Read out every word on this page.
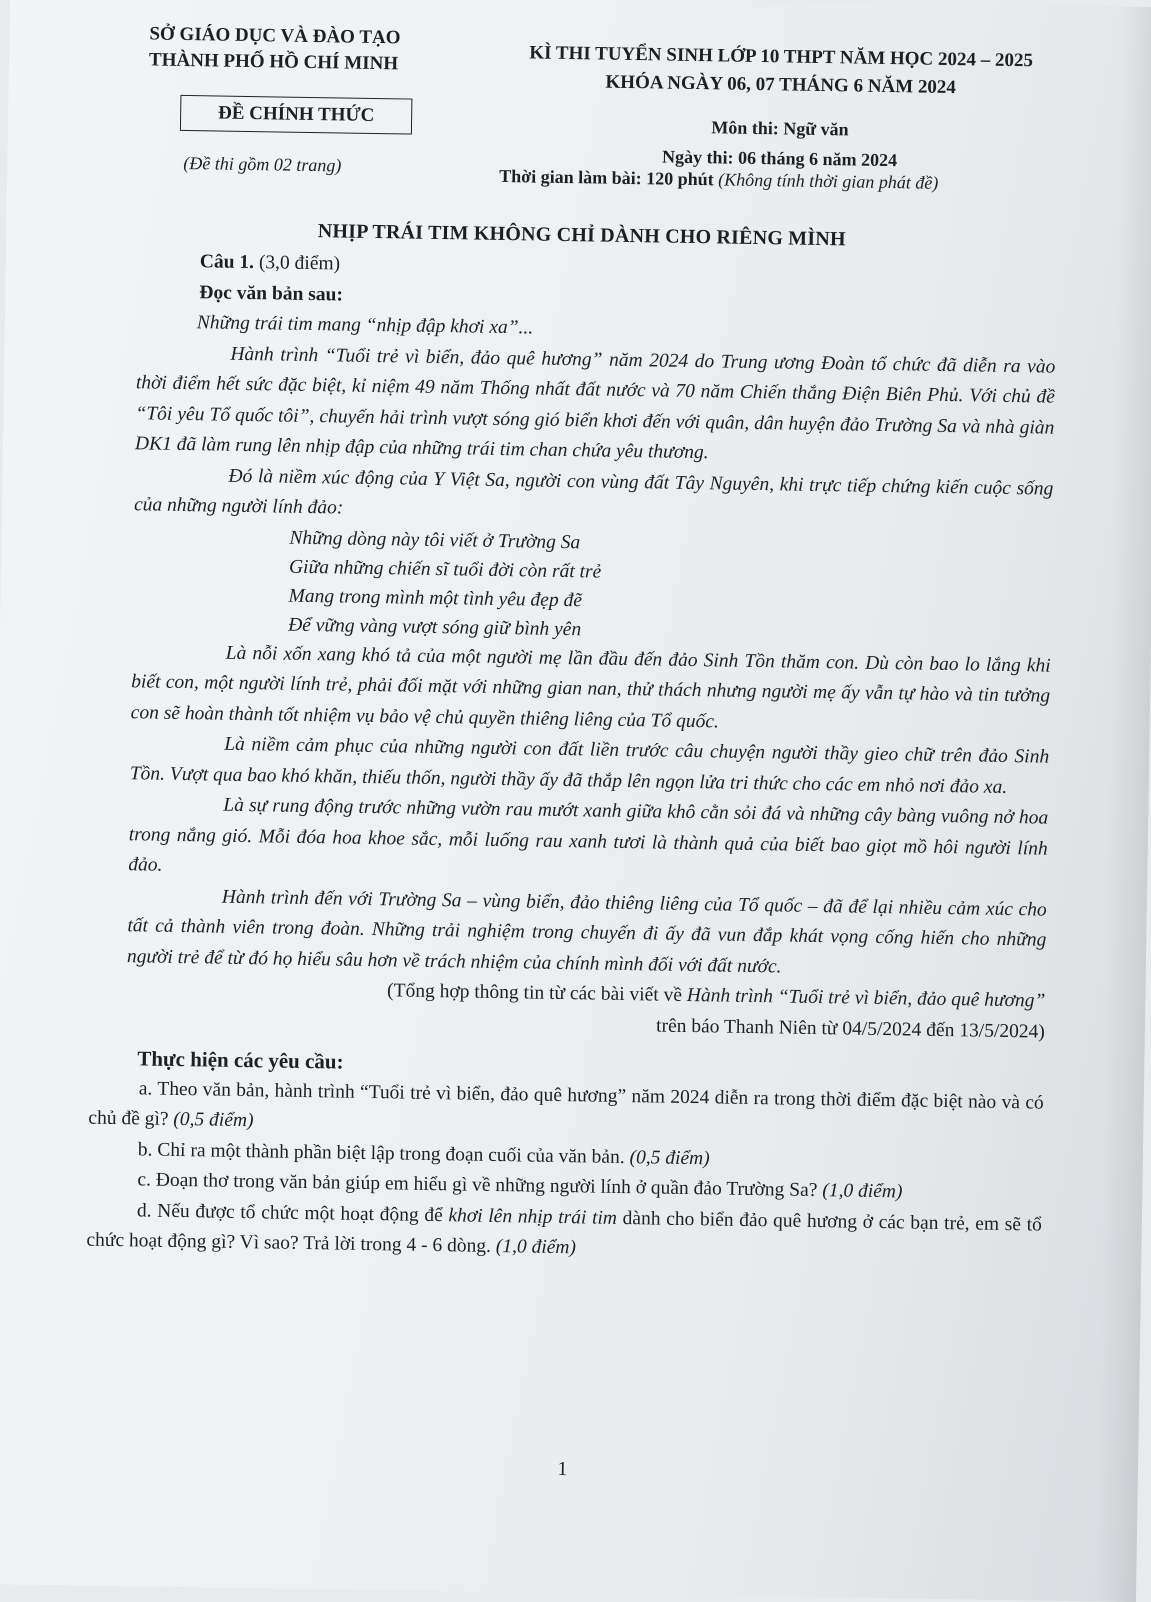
SỞ GIÁO DỤC VÀ ĐÀO TẠO
THÀNH PHỐ HỒ CHÍ MINH	KÌ THI TUYỂN SINH LỚP 10 THPT NĂM HỌC 2024 – 2025
KHÓA NGÀY 06, 07 THÁNG 6 NĂM 2024
ĐỀ CHÍNH THỨC
Môn thi: Ngữ văn
Ngày thi: 06 tháng 6 năm 2024
(Đề thi gồm 02 trang)
Thời gian làm bài: 120 phút (Không tính thời gian phát đề)
NHỊP TRÁI TIM KHÔNG CHỈ DÀNH CHO RIÊNG MÌNH

Câu 1. (3,0 điểm)

Đọc văn bản sau:

Những trái tim mang “nhịp đập khơi xa”...

Hành trình “Tuổi trẻ vì biển, đảo quê hương” năm 2024 do Trung ương Đoàn tổ chức đã diễn ra vào thời điểm hết sức đặc biệt, kỉ niệm 49 năm Thống nhất đất nước và 70 năm Chiến thắng Điện Biên Phủ. Với chủ đề “Tôi yêu Tổ quốc tôi”, chuyến hải trình vượt sóng gió biển khơi đến với quân, dân huyện đảo Trường Sa và nhà giàn DK1 đã làm rung lên nhịp đập của những trái tim chan chứa yêu thương.

Đó là niềm xúc động của Y Việt Sa, người con vùng đất Tây Nguyên, khi trực tiếp chứng kiến cuộc sống của những người lính đảo:

Những dòng này tôi viết ở Trường Sa

Giữa những chiến sĩ tuổi đời còn rất trẻ

Mang trong mình một tình yêu đẹp đẽ

Để vững vàng vượt sóng giữ bình yên

Là nỗi xốn xang khó tả của một người mẹ lần đầu đến đảo Sinh Tồn thăm con. Dù còn bao lo lắng khi biết con, một người lính trẻ, phải đối mặt với những gian nan, thử thách nhưng người mẹ ấy vẫn tự hào và tin tưởng con sẽ hoàn thành tốt nhiệm vụ bảo vệ chủ quyền thiêng liêng của Tổ quốc.

Là niềm cảm phục của những người con đất liền trước câu chuyện người thầy gieo chữ trên đảo Sinh Tồn. Vượt qua bao khó khăn, thiếu thốn, người thầy ấy đã thắp lên ngọn lửa tri thức cho các em nhỏ nơi đảo xa.

Là sự rung động trước những vườn rau mướt xanh giữa khô cằn sỏi đá và những cây bàng vuông nở hoa trong nắng gió. Mỗi đóa hoa khoe sắc, mỗi luống rau xanh tươi là thành quả của biết bao giọt mồ hôi người lính đảo.

Hành trình đến với Trường Sa – vùng biển, đảo thiêng liêng của Tổ quốc – đã để lại nhiều cảm xúc cho tất cả thành viên trong đoàn. Những trải nghiệm trong chuyến đi ấy đã vun đắp khát vọng cống hiến cho những người trẻ để từ đó họ hiểu sâu hơn về trách nhiệm của chính mình đối với đất nước.

(Tổng hợp thông tin từ các bài viết về Hành trình “Tuổi trẻ vì biển, đảo quê hương”

trên báo Thanh Niên từ 04/5/2024 đến 13/5/2024)

Thực hiện các yêu cầu:

a. Theo văn bản, hành trình “Tuổi trẻ vì biển, đảo quê hương” năm 2024 diễn ra trong thời điểm đặc biệt nào và có chủ đề gì? (0,5 điểm)

b. Chỉ ra một thành phần biệt lập trong đoạn cuối của văn bản. (0,5 điểm)

c. Đoạn thơ trong văn bản giúp em hiểu gì về những người lính ở quần đảo Trường Sa? (1,0 điểm)

d. Nếu được tổ chức một hoạt động để khơi lên nhịp trái tim dành cho biển đảo quê hương ở các bạn trẻ, em sẽ tổ chức hoạt động gì? Vì sao? Trả lời trong 4 - 6 dòng. (1,0 điểm)

1
